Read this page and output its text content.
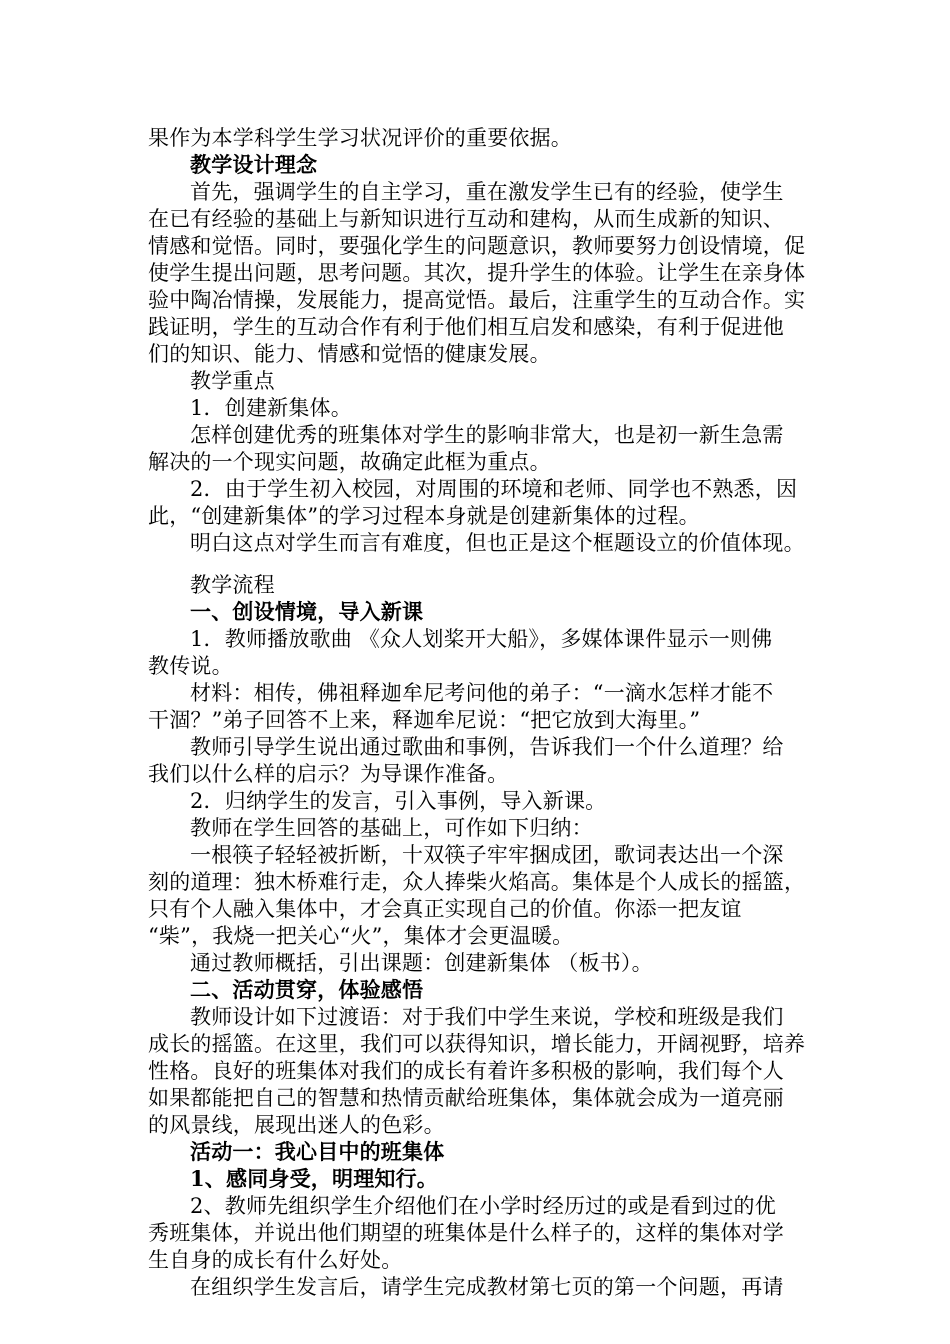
果作为本学科学生学习状况评价的重要依据。
教学设计理念
首先，强调学生的自主学习，重在激发学生已有的经验，使学生
在已有经验的基础上与新知识进行互动和建构，从而生成新的知识、
情感和觉悟。同时，要强化学生的问题意识，教师要努力创设情境，促
使学生提出问题，思考问题。其次，提升学生的体验。让学生在亲身体
验中陶冶情操，发展能力，提高觉悟。最后，注重学生的互动合作。实
践证明，学生的互动合作有利于他们相互启发和感染，有利于促进他
们的知识、能力、情感和觉悟的健康发展。
教学重点
1．创建新集体。
怎样创建优秀的班集体对学生的影响非常大，也是初一新生急需
解决的一个现实问题，故确定此框为重点。
2．由于学生初入校园，对周围的环境和老师、同学也不熟悉，因
此，“创建新集体”的学习过程本身就是创建新集体的过程。
明白这点对学生而言有难度，但也正是这个框题设立的价值体现。
教学流程
一、创设情境，导入新课
1．教师播放歌曲 《众人划桨开大船》，多媒体课件显示一则佛
教传说。
材料：相传，佛祖释迦牟尼考问他的弟子：“一滴水怎样才能不
干涸？”弟子回答不上来，释迦牟尼说：“把它放到大海里。”
教师引导学生说出通过歌曲和事例，告诉我们一个什么道理？给
我们以什么样的启示？为导课作准备。
2．归纳学生的发言，引入事例，导入新课。
教师在学生回答的基础上，可作如下归纳：
一根筷子轻轻被折断，十双筷子牢牢捆成团，歌词表达出一个深
刻的道理：独木桥难行走，众人捧柴火焰高。集体是个人成长的摇篮，
只有个人融入集体中，才会真正实现自己的价值。你添一把友谊
“柴”，我烧一把关心“火”，集体才会更温暖。
通过教师概括，引出课题：创建新集体 （板书）。
二、活动贯穿，体验感悟
教师设计如下过渡语：对于我们中学生来说，学校和班级是我们
成长的摇篮。在这里，我们可以获得知识，增长能力，开阔视野，培养
性格。良好的班集体对我们的成长有着许多积极的影响，我们每个人
如果都能把自己的智慧和热情贡献给班集体，集体就会成为一道亮丽
的风景线，展现出迷人的色彩。
活动一：我心目中的班集体
1、感同身受，明理知行。
2、教师先组织学生介绍他们在小学时经历过的或是看到过的优
秀班集体，并说出他们期望的班集体是什么样子的，这样的集体对学
生自身的成长有什么好处。
在组织学生发言后，请学生完成教材第七页的第一个问题，再请
